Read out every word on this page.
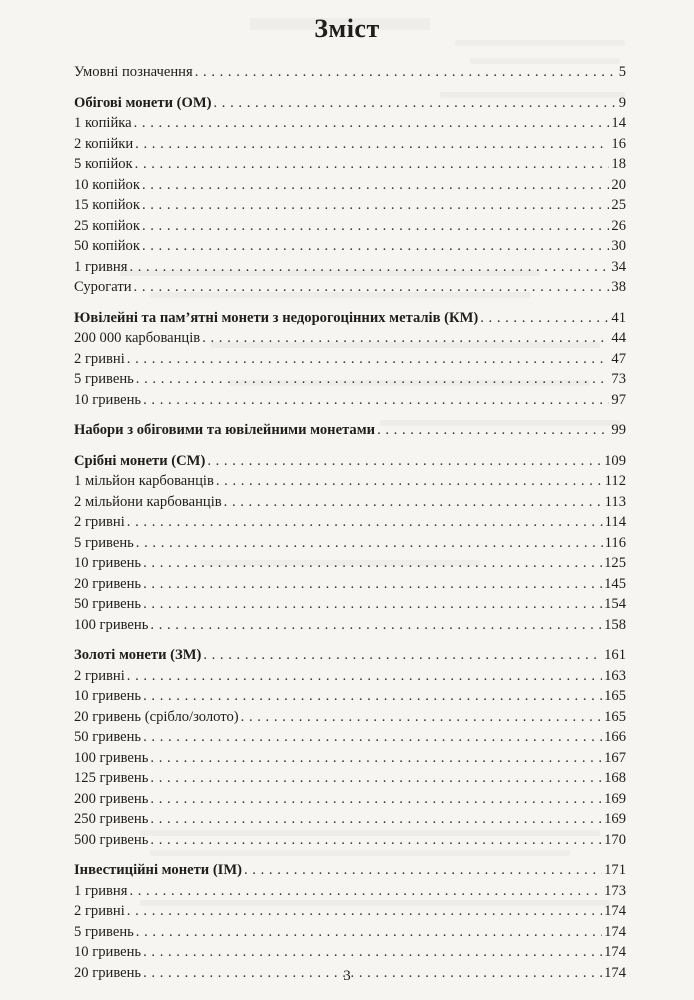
Зміст
Умовні позначення . . .	5
Обігові монети (ОМ) . . .	9
1 копійка . . .	14
2 копійки . . .	16
5 копійок . . .	18
10 копійок . . .	20
15 копійок . . .	25
25 копійок . . .	26
50 копійок . . .	30
1 гривня . . .	34
Сурогати . . .	38
Ювілейні та пам’ятні монети з недорогоцінних металів (КМ) . . .	41
200 000 карбованців . . .	44
2 гривні . . .	47
5 гривень . . .	73
10 гривень . . .	97
Набори з обіговими та ювілейними монетами . . .	99
Срібні монети (СМ) . . .	109
1 мільйон карбованців . . .	112
2 мільйони карбованців . . .	113
2 гривні . . .	114
5 гривень . . .	116
10 гривень . . .	125
20 гривень . . .	145
50 гривень . . .	154
100 гривень . . .	158
Золоті монети (ЗМ) . . .	161
2 гривні . . .	163
10 гривень . . .	165
20 гривень (срібло/золото) . . .	165
50 гривень . . .	166
100 гривень . . .	167
125 гривень . . .	168
200 гривень . . .	169
250 гривень . . .	169
500 гривень . . .	170
Інвестиційні монети (ІМ) . . .	171
1 гривня . . .	173
2 гривні . . .	174
5 гривень . . .	174
10 гривень . . .	174
20 гривень . . .	174
3
